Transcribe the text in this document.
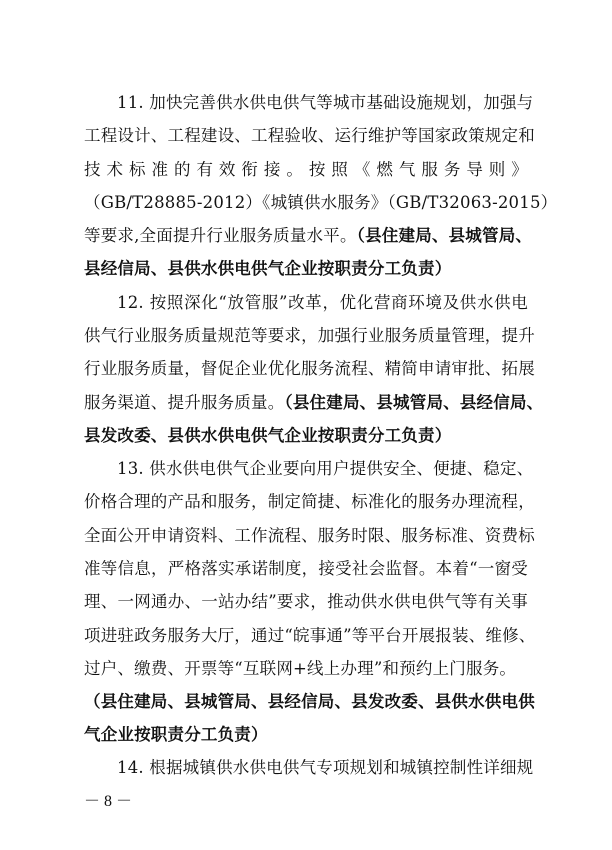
11. 加快完善供水供电供气等城市基础设施规划，加强与
工程设计、工程建设、工程验收、运行维护等国家政策规定和
技术标准的有效衔接。按照《燃气服务导则》
（GB/T28885-2012）《城镇供水服务》（GB/T32063-2015）
等要求,全面提升行业服务质量水平。（县住建局、县城管局、
县经信局、县供水供电供气企业按职责分工负责）
12. 按照深化“放管服”改革，优化营商环境及供水供电
供气行业服务质量规范等要求，加强行业服务质量管理，提升
行业服务质量，督促企业优化服务流程、精简申请审批、拓展
服务渠道、提升服务质量。（县住建局、县城管局、县经信局、
县发改委、县供水供电供气企业按职责分工负责）
13. 供水供电供气企业要向用户提供安全、便捷、稳定、
价格合理的产品和服务，制定简捷、标准化的服务办理流程，
全面公开申请资料、工作流程、服务时限、服务标准、资费标
准等信息，严格落实承诺制度，接受社会监督。本着“一窗受
理、一网通办、一站办结”要求，推动供水供电供气等有关事
项进驻政务服务大厅，通过“皖事通”等平台开展报装、维修、
过户、缴费、开票等“互联网+线上办理”和预约上门服务。
（县住建局、县城管局、县经信局、县发改委、县供水供电供
气企业按职责分工负责）
14. 根据城镇供水供电供气专项规划和城镇控制性详细规
－ 8 －
